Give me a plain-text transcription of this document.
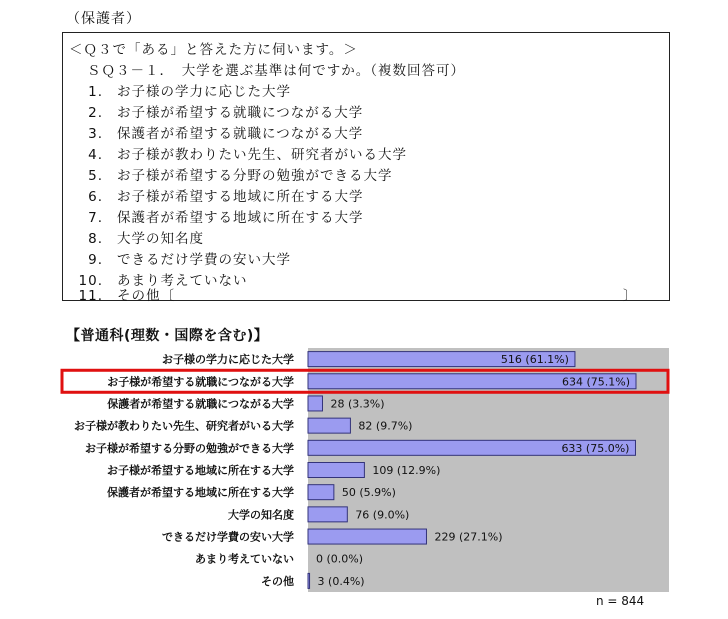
（保護者）
＜Ｑ３で「ある」と答えた方に伺います。＞
ＳＱ３－１．　大学を選ぶ基準は何ですか。（複数回答可）
1. お子様の学力に応じた大学
2. お子様が希望する就職につながる大学
3. 保護者が希望する就職につながる大学
4. お子様が教わりたい先生、研究者がいる大学
5. お子様が希望する分野の勉強ができる大学
6. お子様が希望する地域に所在する大学
7. 保護者が希望する地域に所在する大学
8. 大学の知名度
9. できるだけ学費の安い大学
10. あまり考えていない
11. その他〔	〕
【普通科(理数・国際を含む)】
お子様の学力に応じた大学	516 (61.1%)
お子様が希望する就職につながる大学	634 (75.1%)
保護者が希望する就職につながる大学	28 (3.3%)
お子様が教わりたい先生、研究者がいる大学	82 (9.7%)
お子様が希望する分野の勉強ができる大学	633 (75.0%)
お子様が希望する地域に所在する大学	109 (12.9%)
保護者が希望する地域に所在する大学	50 (5.9%)
大学の知名度	76 (9.0%)
できるだけ学費の安い大学	229 (27.1%)
あまり考えていない 0 (0.0%)
その他 3 (0.4%)
n = 844
